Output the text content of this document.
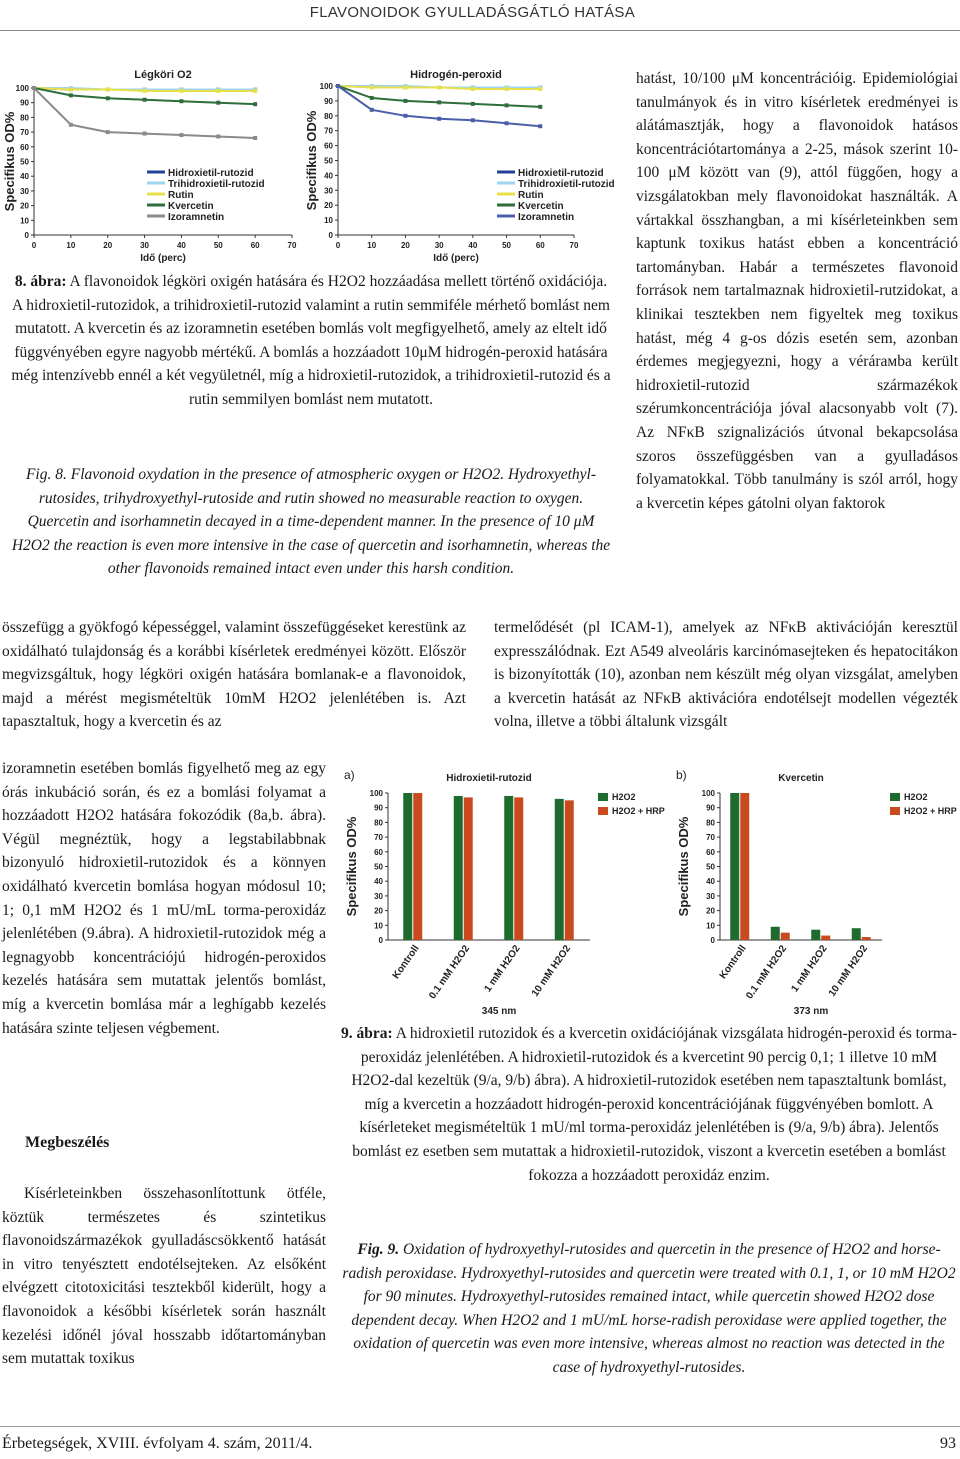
FLAVONOIDOK GYULLADÁSGÁTLÓ HATÁSA
Légköri O2
0
10
20
30
40
50
60
70
80
90
100
0	10	20	30	40	50	60	70
Idő (perc)
Specifikus OD%	Hidroxietil-rutozid
Trihidroxietil-rutozid
Rutin
Kvercetin
Izoramnetin
Hidrogén-peroxid
0
10
20
30
40
50
60
70
80
90
100
0	10	20	30	40	50	60	70
Idő (perc)
Specifikus OD%	Hidroxietil-rutozid
Trihidroxietil-rutozid
Rutin
Kvercetin
Izoramnetin
8. ábra: A flavonoidok légköri oxigén hatására és H2O2 hozzáadása mellett történő oxidációja. A hidroxietil-rutozidok, a trihidroxietil-rutozid valamint a rutin semmiféle mérhető bomlást nem mutatott. A kvercetin és az izoramnetin esetében bomlás volt megfigyelhető, amely az eltelt idő függvényében egyre nagyobb mértékű. A bomlás a hozzáadott 10μM hidrogén-peroxid hatására még intenzívebb ennél a két vegyületnél, míg a hidroxietil-rutozidok, a trihidroxietil-rutozid és a rutin semmilyen bomlást nem mutatott.
Fig. 8. Flavonoid oxydation in the presence of atmospheric oxygen or H2O2. Hydroxyethyl-rutosides, trihydroxyethyl-rutoside and rutin showed no measurable reaction to oxygen. Quercetin and isorhamnetin decayed in a time-dependent manner. In the presence of 10 μM H2O2 the reaction is even more intensive in the case of quercetin and isorhamnetin, whereas the other flavonoids remained intact even under this harsh condition.
hatást, 10/100 μM koncentrációig. Epidemiológiai tanulmányok és in vitro kísérletek eredményei is alátámasztják, hogy a flavonoidok hatásos koncentrációtartománya a 2-25, mások szerint 10-100 μM között van (9), attól függően, hogy a vizsgálatokban mely flavonoidokat használták. A vártakkal összhangban, a mi kísérleteinkben sem kaptunk toxikus hatást ebben a koncentráció tartományban. Habár a természetes flavonoid források nem tartalmaznak hidroxietil-rutzidokat, a klinikai tesztekben nem figyeltek meg toxikus hatást, még 4 g-os dózis esetén sem, azonban érdemes megjegyezni, hogy a vérárамba került hidroxietil-rutozid származékok szérumkoncentrációja jóval alacsonyabb volt (7). Az NFκB szignalizációs útvonal bekapcsolása szoros összefüggésben van a gyulladásos folyamatokkal. Több tanulmány is szól arról, hogy a kvercetin képes gátolni olyan faktorok
termelődését (pl ICAM-1), amelyek az NFκB aktivációján keresztül expresszálódnak. Ezt A549 alveoláris karcinómasejteken és hepatocitákon is bizonyították (10), azonban nem készült még olyan vizsgálat, amelyben a kvercetin hatását az NFκB aktivációra endotélsejt modellen végezték volna, illetve a többi általunk vizsgált
összefügg a gyökfogó képességgel, valamint összefüggéseket kerestünk az oxidálható tulajdonság és a korábbi kísérletek eredményei között. Először megvizsgáltuk, hogy légköri oxigén hatására bomlanak-e a flavonoidok, majd a mérést megismételtük 10mM H2O2 jelenlétében is. Azt tapasztaltuk, hogy a kvercetin és az
izoramnetin esetében bomlás figyelhető meg az egy órás inkubáció során, és ez a bomlási folyamat a hozzáadott H2O2 hatására fokozódik (8a,b. ábra). Végül megnéztük, hogy a legstabilabbnak bizonyuló hidroxietil-rutozidok és a könnyen oxidálható kvercetin bomlása hogyan módosul 10; 1; 0,1 mM H2O2 és 1 mU/mL torma-peroxidáz jelenlétében (9.ábra). A hidroxietil-rutozidok még a legnagyobb koncentrációjú hidrogén-peroxidos kezelés hatására sem mutattak jelentős bomlást, míg a kvercetin bomlása már a leghígabb kezelés hatására szinte teljesen végbement.
Megbeszélés
Kísérleteinkben összehasonlítottunk ötféle, köztük természetes és szintetikus flavonoidszármazékok gyulladáscsökkentő hatását in vitro tenyésztett endotélsejteken. Az elsőként elvégzett citotoxicitási tesztekből kiderült, hogy a flavonoidok a későbbi kísérletek során használt kezelési időnél jóval hosszabb időtartományban sem mutattak toxikus
a)	Hidroxietil-rutozid
0
10
20
30
40
50
60
70
80
90
100
Specifikus OD%
Kontroll 0.1 mM H2O2 1 mM H2O2 10 mM H2O2
345 nm
H2O2
H2O2 + HRP
b)	Kvercetin
0
10
20
30
40
50
60
70
80
90
100
Specifikus OD%
Kontroll
0.1 mM H2O2 1 mM H2O2
10 mM H2O2
373 nm
H2O2
H2O2 + HRP
9. ábra: A hidroxietil rutozidok és a kvercetin oxidációjának vizsgálata hidrogén-peroxid és torma-peroxidáz jelenlétében. A hidroxietil-rutozidok és a kvercetint 90 percig 0,1; 1 illetve 10 mM H2O2-dal kezeltük (9/a, 9/b) ábra). A hidroxietil-rutozidok esetében nem tapasztaltunk bomlást, míg a kvercetin a hozzáadott hidrogén-peroxid koncentrációjának függvényében bomlott. A kísérleteket megismételtük 1 mU/ml torma-peroxidáz jelenlétében is (9/a, 9/b) ábra). Jelentős bomlást ez esetben sem mutattak a hidroxietil-rutozidok, viszont a kvercetin esetében a bomlást fokozza a hozzáadott peroxidáz enzim.
Fig. 9. Oxidation of hydroxyethyl-rutosides and quercetin in the presence of H2O2 and horse-radish peroxidase. Hydroxyethyl-rutosides and quercetin were treated with 0.1, 1, or 10 mM H2O2 for 90 minutes. Hydroxyethyl-rutosides remained intact, while quercetin showed H2O2 dose dependent decay. When H2O2 and 1 mU/mL horse-radish peroxidase were applied together, the oxidation of quercetin was even more intensive, whereas almost no reaction was detected in the case of hydroxyethyl-rutosides.
Érbetegségek, XVIII. évfolyam 4. szám, 2011/4.	93
